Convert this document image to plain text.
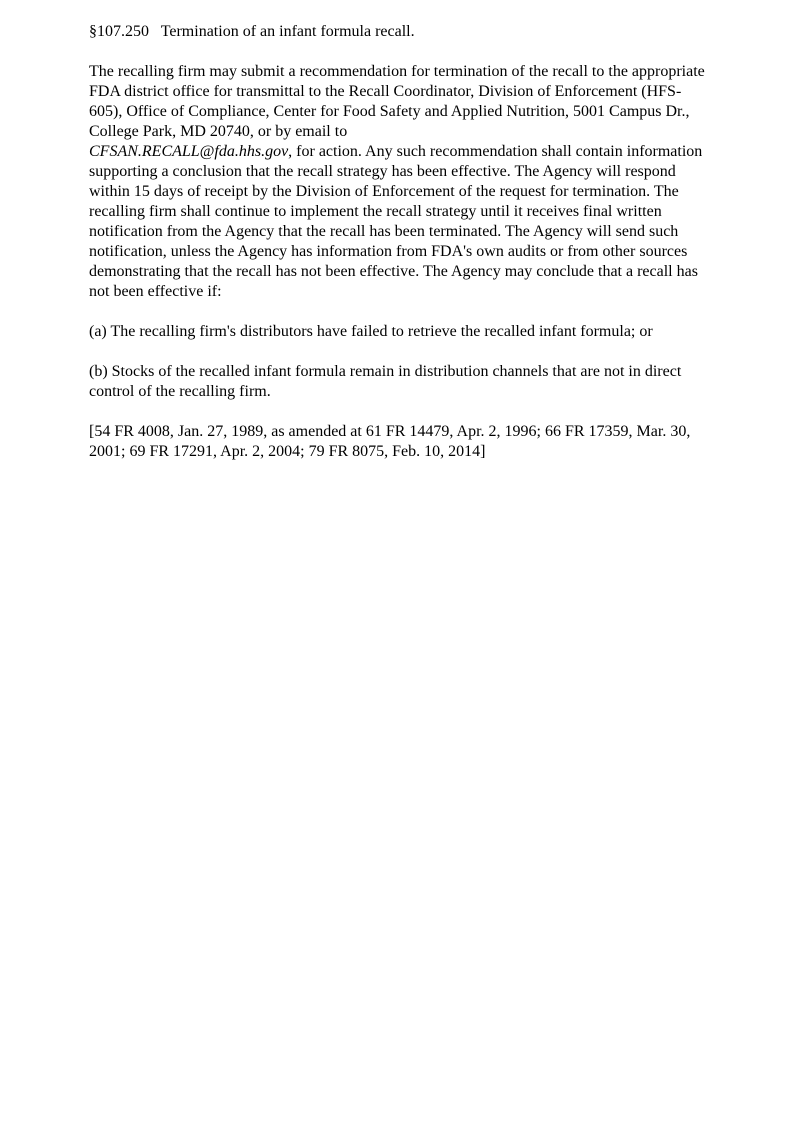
§107.250 Termination of an infant formula recall.

The recalling firm may submit a recommendation for termination of the recall to the appropriate FDA district office for transmittal to the Recall Coordinator, Division of Enforcement (HFS-605), Office of Compliance, Center for Food Safety and Applied Nutrition, 5001 Campus Dr., College Park, MD 20740, or by email to
CFSAN.RECALL@fda.hhs.gov, for action. Any such recommendation shall contain information supporting a conclusion that the recall strategy has been effective. The Agency will respond within 15 days of receipt by the Division of Enforcement of the request for termination. The recalling firm shall continue to implement the recall strategy until it receives final written notification from the Agency that the recall has been terminated. The Agency will send such notification, unless the Agency has information from FDA's own audits or from other sources demonstrating that the recall has not been effective. The Agency may conclude that a recall has not been effective if:

(a) The recalling firm's distributors have failed to retrieve the recalled infant formula; or

(b) Stocks of the recalled infant formula remain in distribution channels that are not in direct control of the recalling firm.

[54 FR 4008, Jan. 27, 1989, as amended at 61 FR 14479, Apr. 2, 1996; 66 FR 17359, Mar. 30, 2001; 69 FR 17291, Apr. 2, 2004; 79 FR 8075, Feb. 10, 2014]
